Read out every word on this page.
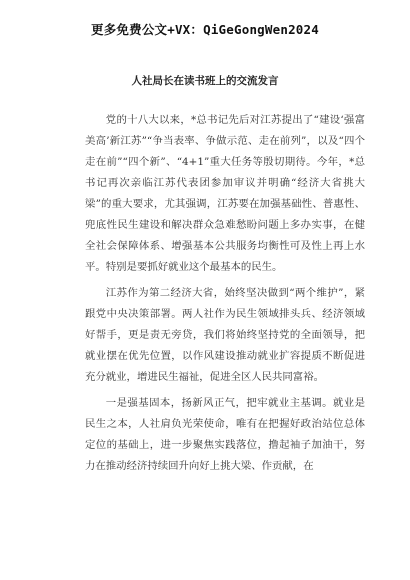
更多免费公文+VX：QiGeGongWen2024
人社局长在读书班上的交流发言

党的十八大以来，*总书记先后对江苏提出了“建设‘强富美高’新江苏”“争当表率、争做示范、走在前列”，以及“四个走在前”“四个新”、“4+1”重大任务等殷切期待。今年，*总书记再次亲临江苏代表团参加审议并明确“经济大省挑大梁”的重大要求，尤其强调，江苏要在加强基础性、普惠性、兜底性民生建设和解决群众急难愁盼问题上多办实事，在健全社会保障体系、增强基本公共服务均衡性可及性上再上水平。特别是要抓好就业这个最基本的民生。

江苏作为第二经济大省，始终坚决做到“两个维护”，紧跟党中央决策部署。两人社作为民生领域排头兵、经济领域好帮手，更是责无旁贷，我们将始终坚持党的全面领导，把就业摆在优先位置，以作风建设推动就业扩容提质不断促进充分就业，增进民生福祉，促进全区人民共同富裕。

一是强基固本，扬新风正气，把牢就业主基调。就业是民生之本，人社肩负光荣使命，唯有在把握好政治站位总体定位的基础上，进一步聚焦实践落位，撸起袖子加油干，努力在推动经济持续回升向好上挑大梁、作贡献，在
